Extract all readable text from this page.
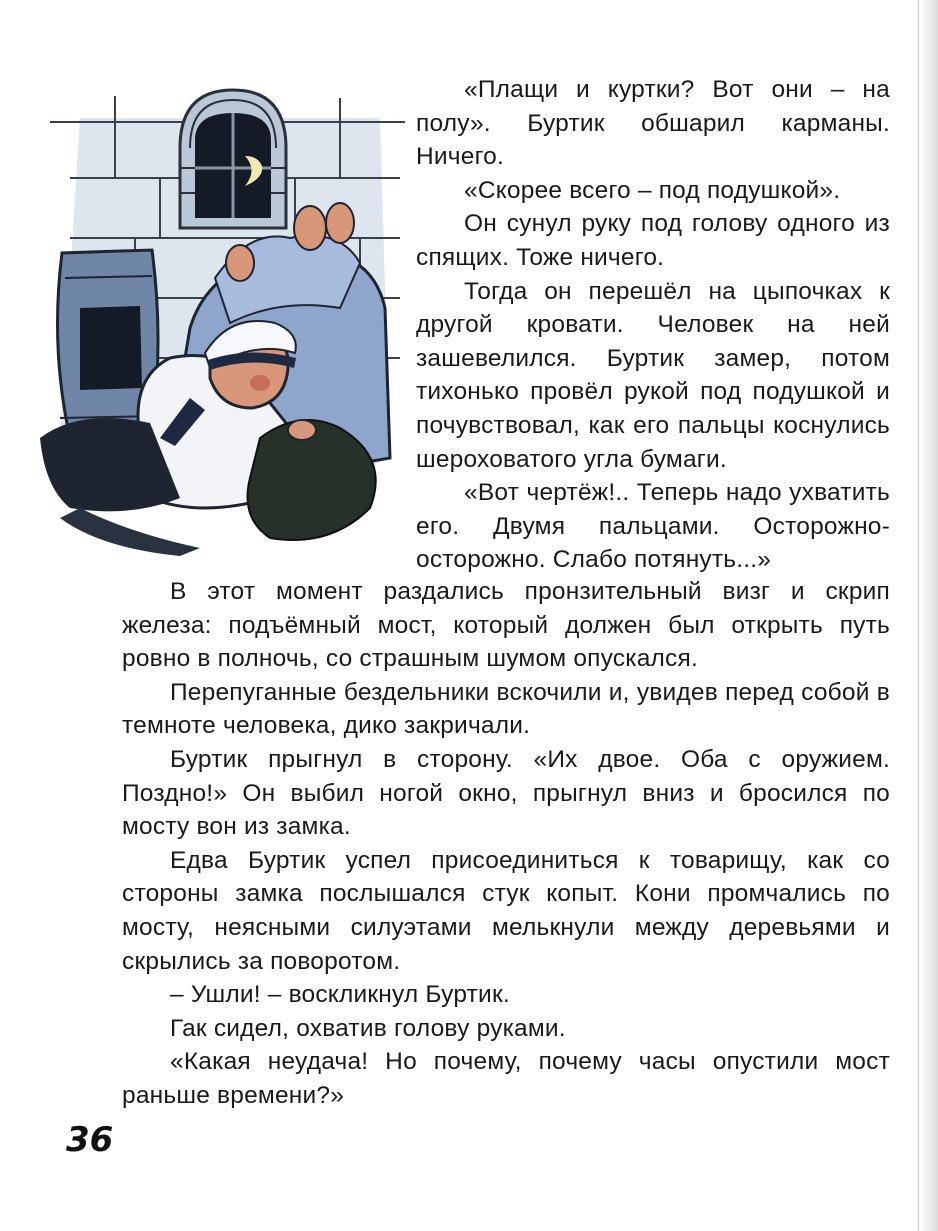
«Плащи и куртки? Вот они – на полу». Буртик обшарил карманы. Ничего.

«Скорее всего – под подушкой».

Он сунул руку под голову одного из спящих. Тоже ничего.

Тогда он перешёл на цыпочках к другой кровати. Человек на ней зашевелился. Буртик замер, потом тихонько провёл рукой под подушкой и почувствовал, как его пальцы коснулись шероховатого угла бумаги.

«Вот чертёж!.. Теперь надо ухватить его. Двумя пальцами. Осторожно-осторожно. Слабо потянуть...»

В этот момент раздались пронзительный визг и скрип железа: подъёмный мост, который должен был открыть путь ровно в полночь, со страшным шумом опускался.

Перепуганные бездельники вскочили и, увидев перед собой в темноте человека, дико закричали.

Буртик прыгнул в сторону. «Их двое. Оба с оружием. Поздно!» Он выбил ногой окно, прыгнул вниз и бросился по мосту вон из замка.

Едва Буртик успел присоединиться к товарищу, как со стороны замка послышался стук копыт. Кони промчались по мосту, неясными силуэтами мелькнули между деревьями и скрылись за поворотом.

– Ушли! – воскликнул Буртик.

Гак сидел, охватив голову руками.

«Какая неудача! Но почему, почему часы опустили мост раньше времени?»

36
